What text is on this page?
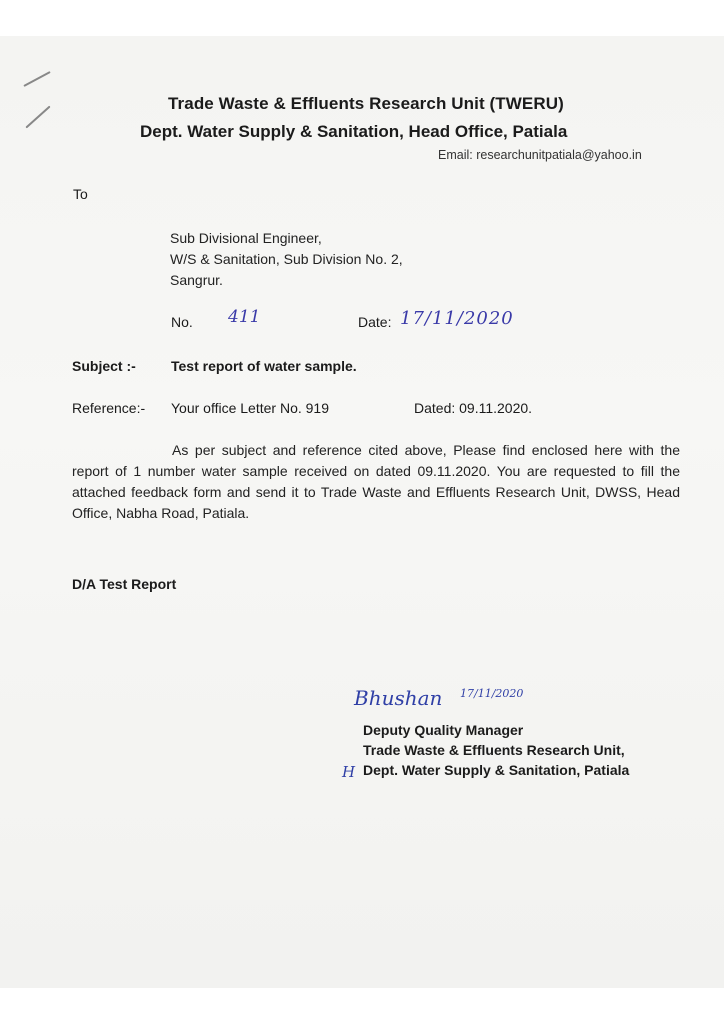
Trade Waste & Effluents Research Unit (TWERU)
Dept. Water Supply & Sanitation, Head Office, Patiala
Email: researchunitpatiala@yahoo.in
To
Sub Divisional Engineer,
W/S & Sanitation, Sub Division No. 2,
Sangrur.
No. 411	Date: 17/11/2020
Subject :-	Test report of water sample.
Reference:- Your office Letter No. 919	Dated: 09.11.2020.
As per subject and reference cited above, Please find enclosed here with the report of 1 number water sample received on dated 09.11.2020. You are requested to fill the attached feedback form and send it to Trade Waste and Effluents Research Unit, DWSS, Head Office, Nabha Road, Patiala.
D/A Test Report
Bhushan 17/11/2020
Deputy Quality Manager
Trade Waste & Effluents Research Unit,
Dept. Water Supply & Sanitation, Patiala
H
